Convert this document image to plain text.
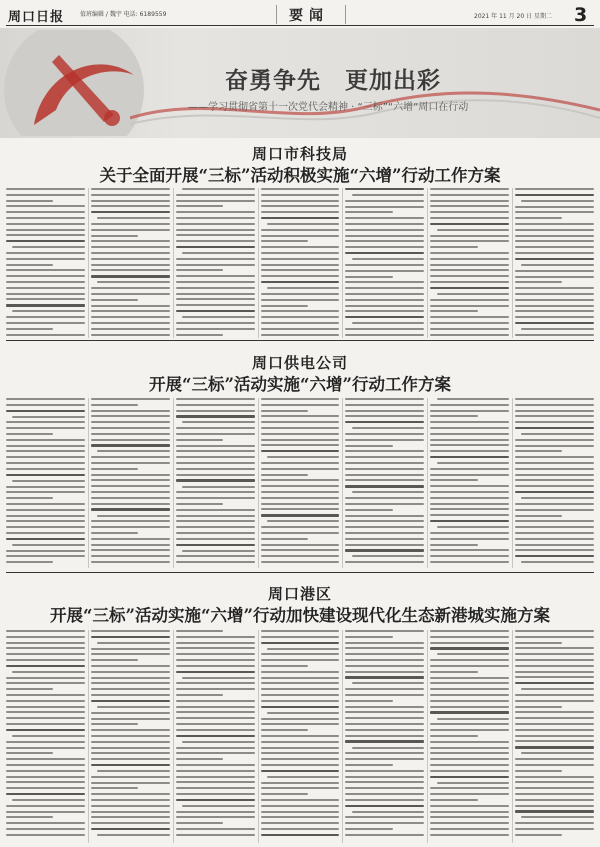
周口日报	值班编辑 / 魏宇 电话: 6189559	要闻	2021 年 11 月 20 日 星期二 3
奋勇争先 更加出彩
——学习贯彻省第十一次党代会精神 · “三标”“六增”周口在行动
周口市科技局
关于全面开展“三标”活动积极实施“六增”行动工作方案
周口供电公司
开展“三标”活动实施“六增”行动工作方案
周口港区
开展“三标”活动实施“六增”行动加快建设现代化生态新港城实施方案
